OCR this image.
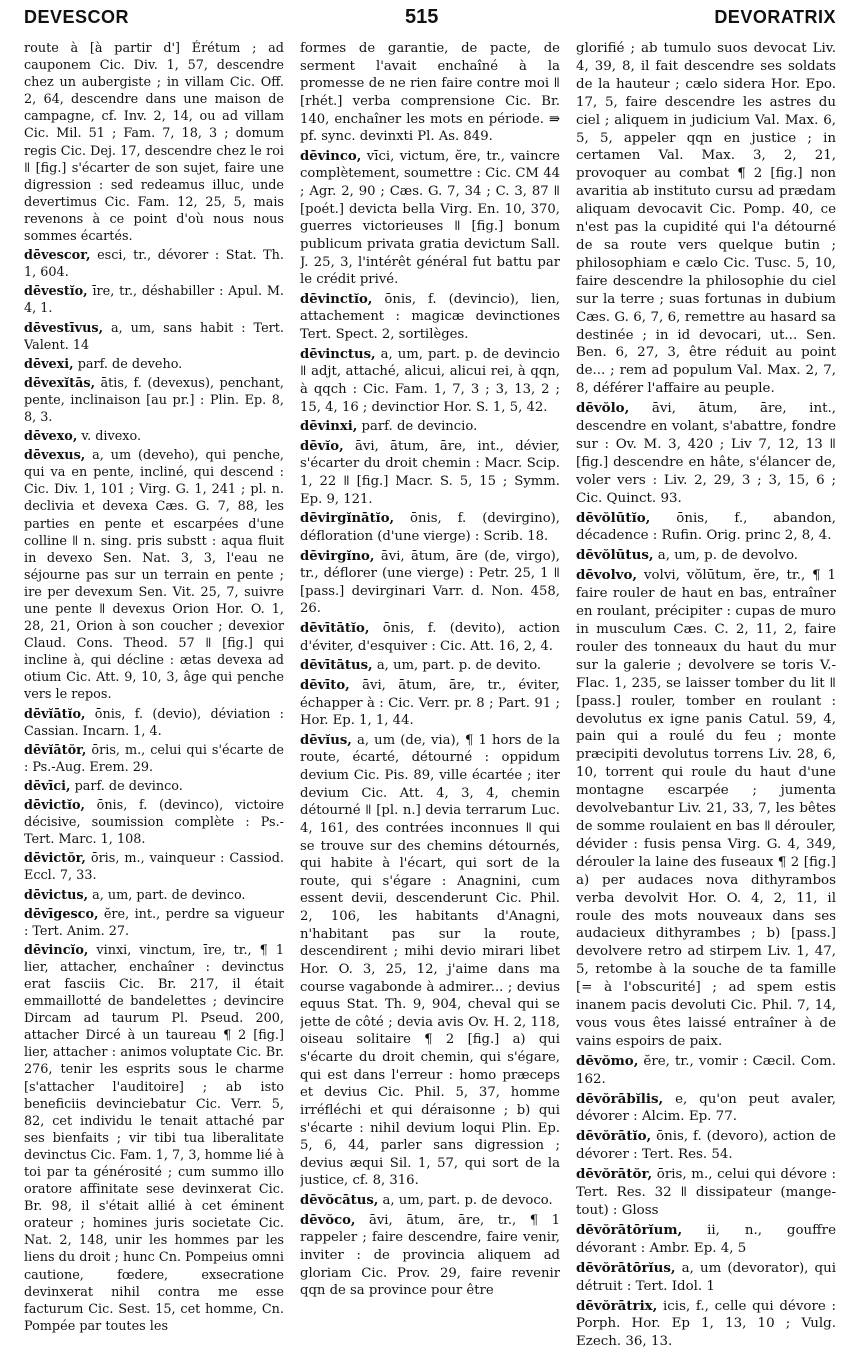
DEVESCOR	515	DEVORATRIX

route à [à partir d'] Érétum ; ad cauponem Cic. Div. 1, 57, descendre chez un aubergiste ; in villam Cic. Off. 2, 64, descendre dans une maison de campagne, cf. Inv. 2, 14, ou ad villam Cic. Mil. 51 ; Fam. 7, 18, 3 ; domum regis Cic. Dej. 17, descendre chez le roi ǁ [fig.] s'écarter de son sujet, faire une digression : sed redeamus illuc, unde devertimus Cic. Fam. 12, 25, 5, mais revenons à ce point d'où nous nous sommes écartés.

dēvescor, esci, tr., dévorer : Stat. Th. 1, 604.

dēvestĭo, īre, tr., déshabiller : Apul. M. 4, 1.

dēvestīvus, a, um, sans habit : Tert. Valent. 14

dēvexi, parf. de deveho.

dēvexĭtās, ātis, f. (devexus), penchant, pente, inclinaison [au pr.] : Plin. Ep. 8, 8, 3.

dēvexo, v. divexo.

dēvexus, a, um (deveho), qui penche, qui va en pente, incliné, qui descend : Cic. Div. 1, 101 ; Virg. G. 1, 241 ; pl. n. declivia et devexa Cæs. G. 7, 88, les parties en pente et escarpées d'une colline ǁ n. sing. pris substt : aqua fluit in devexo Sen. Nat. 3, 3, l'eau ne séjourne pas sur un terrain en pente ; ire per devexum Sen. Vit. 25, 7, suivre une pente ǁ devexus Orion Hor. O. 1, 28, 21, Orion à son coucher ; devexior Claud. Cons. Theod. 57 ǁ [fig.] qui incline à, qui décline : ætas devexa ad otium Cic. Att. 9, 10, 3, âge qui penche vers le repos.

dēvĭātĭo, ōnis, f. (devio), déviation : Cassian. Incarn. 1, 4.

dēvĭātŏr, ōris, m., celui qui s'écarte de : Ps.-Aug. Erem. 29.

dēvīci, parf. de devinco.

dēvictĭo, ōnis, f. (devinco), victoire décisive, soumission complète : Ps.-Tert. Marc. 1, 108.

dēvictŏr, ōris, m., vainqueur : Cassiod. Eccl. 7, 33.

dēvictus, a, um, part. de devinco.

dēvīgesco, ĕre, int., perdre sa vigueur : Tert. Anim. 27.

dēvincĭo, vinxi, vinctum, īre, tr., ¶ 1 lier, attacher, enchaîner : devinctus erat fasciis Cic. Br. 217, il était emmaillotté de bandelettes ; devincire Dircam ad taurum Pl. Pseud. 200, attacher Dircé à un taureau ¶ 2 [fig.] lier, attacher : animos voluptate Cic. Br. 276, tenir les esprits sous le charme [s'attacher l'auditoire] ; ab isto beneficiis devinciebatur Cic. Verr. 5, 82, cet individu le tenait attaché par ses bienfaits ; vir tibi tua liberalitate devinctus Cic. Fam. 1, 7, 3, homme lié à toi par ta générosité ; cum summo illo oratore affinitate sese devinxerat Cic. Br. 98, il s'était allié à cet éminent orateur ; homines juris societate Cic. Nat. 2, 148, unir les hommes par les liens du droit ; hunc Cn. Pompeius omni cautione, fœdere, exsecratione devinxerat nihil contra me esse facturum Cic. Sest. 15, cet homme, Cn. Pompée par toutes les

formes de garantie, de pacte, de serment l'avait enchaîné à la promesse de ne rien faire contre moi ǁ [rhét.] verba comprensione Cic. Br. 140, enchaîner les mots en période. ⇛ pf. sync. devinxti Pl. As. 849.

dēvinco, vīci, victum, ĕre, tr., vaincre complètement, soumettre : Cic. CM 44 ; Agr. 2, 90 ; Cæs. G. 7, 34 ; C. 3, 87 ǁ [poét.] devicta bella Virg. En. 10, 370, guerres victorieuses ǁ [fig.] bonum publicum privata gratia devictum Sall. J. 25, 3, l'intérêt général fut battu par le crédit privé.

dēvinctĭo, ōnis, f. (devincio), lien, attachement : magicæ devinctiones Tert. Spect. 2, sortilèges.

dēvinctus, a, um, part. p. de devincio ǁ adjt, attaché, alicui, alicui rei, à qqn, à qqch : Cic. Fam. 1, 7, 3 ; 3, 13, 2 ; 15, 4, 16 ; devinctior Hor. S. 1, 5, 42.

dēvinxi, parf. de devincio.

dēvĭo, āvi, ātum, āre, int., dévier, s'écarter du droit chemin : Macr. Scip. 1, 22 ǁ [fig.] Macr. S. 5, 15 ; Symm. Ep. 9, 121.

dēvirgĭnātĭo, ōnis, f. (devirgino), défloration (d'une vierge) : Scrib. 18.

dēvirgĭno, āvi, ātum, āre (de, virgo), tr., déflorer (une vierge) : Petr. 25, 1 ǁ [pass.] devirginari Varr. d. Non. 458, 26.

dēvītātĭo, ōnis, f. (devito), action d'éviter, d'esquiver : Cic. Att. 16, 2, 4.

dēvītātus, a, um, part. p. de devito.

dēvīto, āvi, ātum, āre, tr., éviter, échapper à : Cic. Verr. pr. 8 ; Part. 91 ; Hor. Ep. 1, 1, 44.

dēvĭus, a, um (de, via), ¶ 1 hors de la route, écarté, détourné : oppidum devium Cic. Pis. 89, ville écartée ; iter devium Cic. Att. 4, 3, 4, chemin détourné ǁ [pl. n.] devia terrarum Luc. 4, 161, des contrées inconnues ǁ qui se trouve sur des chemins détournés, qui habite à l'écart, qui sort de la route, qui s'égare : Anagnini, cum essent devii, descenderunt Cic. Phil. 2, 106, les habitants d'Anagni, n'habitant pas sur la route, descendirent ; mihi devio mirari libet Hor. O. 3, 25, 12, j'aime dans ma course vagabonde à admirer... ; devius equus Stat. Th. 9, 904, cheval qui se jette de côté ; devia avis Ov. H. 2, 118, oiseau solitaire ¶ 2 [fig.] a) qui s'écarte du droit chemin, qui s'égare, qui est dans l'erreur : homo præceps et devius Cic. Phil. 5, 37, homme irréfléchi et qui déraisonne ; b) qui s'écarte : nihil devium loqui Plin. Ep. 5, 6, 44, parler sans digression ; devius æqui Sil. 1, 57, qui sort de la justice, cf. 8, 316.

dēvŏcātus, a, um, part. p. de devoco.

dēvŏco, āvi, ātum, āre, tr., ¶ 1 rappeler ; faire descendre, faire venir, inviter : de provincia aliquem ad gloriam Cic. Prov. 29, faire revenir qqn de sa province pour être

glorifié ; ab tumulo suos devocat Liv. 4, 39, 8, il fait descendre ses soldats de la hauteur ; cælo sidera Hor. Epo. 17, 5, faire descendre les astres du ciel ; aliquem in judicium Val. Max. 6, 5, 5, appeler qqn en justice ; in certamen Val. Max. 3, 2, 21, provoquer au combat ¶ 2 [fig.] non avaritia ab instituto cursu ad prædam aliquam devocavit Cic. Pomp. 40, ce n'est pas la cupidité qui l'a détourné de sa route vers quelque butin ; philosophiam e cælo Cic. Tusc. 5, 10, faire descendre la philosophie du ciel sur la terre ; suas fortunas in dubium Cæs. G. 6, 7, 6, remettre au hasard sa destinée ; in id devocari, ut... Sen. Ben. 6, 27, 3, être réduit au point de... ; rem ad populum Val. Max. 2, 7, 8, déférer l'affaire au peuple.

dēvŏlo, āvi, ātum, āre, int., descendre en volant, s'abattre, fondre sur : Ov. M. 3, 420 ; Liv 7, 12, 13 ǁ [fig.] descendre en hâte, s'élancer de, voler vers : Liv. 2, 29, 3 ; 3, 15, 6 ; Cic. Quinct. 93.

dēvŏlūtĭo, ōnis, f., abandon, décadence : Rufin. Orig. princ 2, 8, 4.

dēvŏlūtus, a, um, p. de devolvo.

dēvolvo, volvi, vŏlūtum, ĕre, tr., ¶ 1 faire rouler de haut en bas, entraîner en roulant, précipiter : cupas de muro in musculum Cæs. C. 2, 11, 2, faire rouler des tonneaux du haut du mur sur la galerie ; devolvere se toris V.-Flac. 1, 235, se laisser tomber du lit ǁ [pass.] rouler, tomber en roulant : devolutus ex igne panis Catul. 59, 4, pain qui a roulé du feu ; monte præcipiti devolutus torrens Liv. 28, 6, 10, torrent qui roule du haut d'une montagne escarpée ; jumenta devolvebantur Liv. 21, 33, 7, les bêtes de somme roulaient en bas ǁ dérouler, dévider : fusis pensa Virg. G. 4, 349, dérouler la laine des fuseaux ¶ 2 [fig.] a) per audaces nova dithyrambos verba devolvit Hor. O. 4, 2, 11, il roule des mots nouveaux dans ses audacieux dithyrambes ; b) [pass.] devolvere retro ad stirpem Liv. 1, 47, 5, retombe à la souche de ta famille [= à l'obscurité] ; ad spem estis inanem pacis devoluti Cic. Phil. 7, 14, vous vous êtes laissé entraîner à de vains espoirs de paix.

dēvŏmo, ĕre, tr., vomir : Cæcil. Com. 162.

dēvŏrābĭlis, e, qu'on peut avaler, dévorer : Alcim. Ep. 77.

dēvŏrātĭo, ōnis, f. (devoro), action de dévorer : Tert. Res. 54.

dēvŏrātŏr, ōris, m., celui qui dévore : Tert. Res. 32 ǁ dissipateur (mange-tout) : Gloss

dēvŏrātōrĭum, ii, n., gouffre dévorant : Ambr. Ep. 4, 5

dēvŏrātōrĭus, a, um (devorator), qui détruit : Tert. Idol. 1

dēvŏrātrix, icis, f., celle qui dévore : Porph. Hor. Ep 1, 13, 10 ; Vulg. Ezech. 36, 13.
